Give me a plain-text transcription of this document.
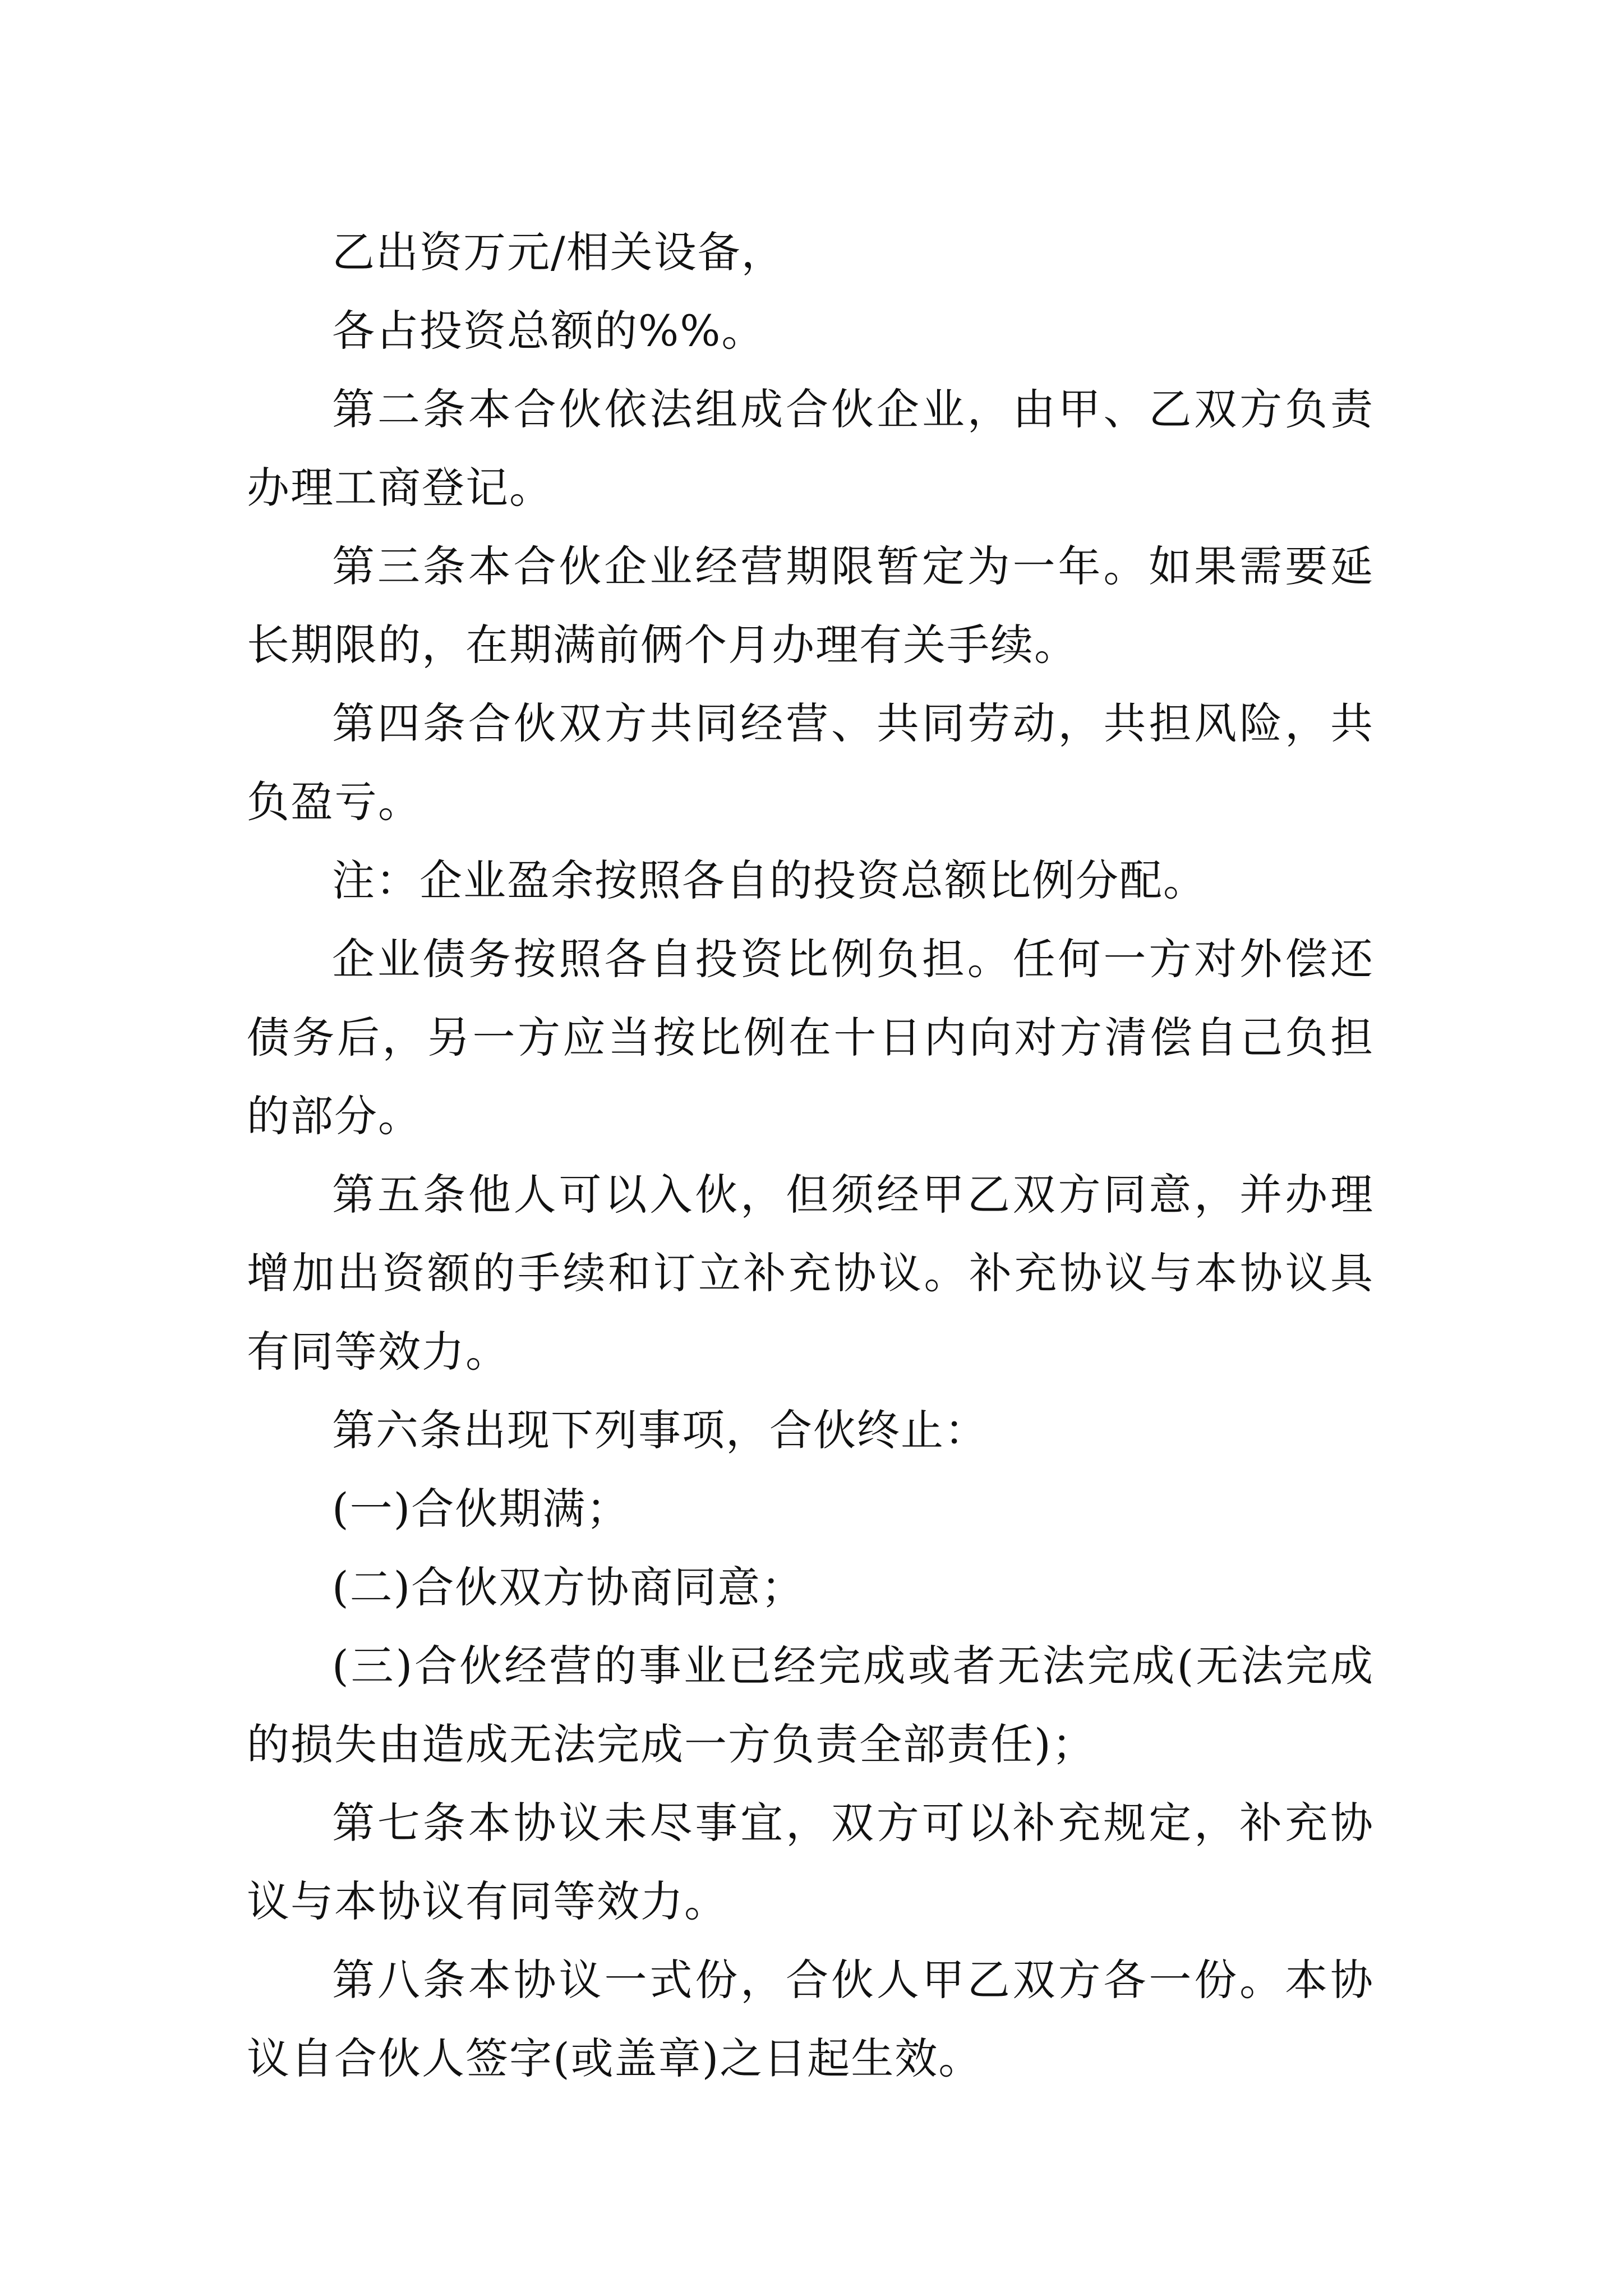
乙出资万元/相关设备，

各占投资总额的%%。

第二条本合伙依法组成合伙企业，由甲、乙双方负责办理工商登记。

第三条本合伙企业经营期限暂定为一年。如果需要延长期限的，在期满前俩个月办理有关手续。

第四条合伙双方共同经营、共同劳动，共担风险，共负盈亏。

注：企业盈余按照各自的投资总额比例分配。

企业债务按照各自投资比例负担。任何一方对外偿还债务后，另一方应当按比例在十日内向对方清偿自己负担的部分。

第五条他人可以入伙，但须经甲乙双方同意，并办理增加出资额的手续和订立补充协议。补充协议与本协议具有同等效力。

第六条出现下列事项，合伙终止：

(一)合伙期满；

(二)合伙双方协商同意；

(三)合伙经营的事业已经完成或者无法完成(无法完成的损失由造成无法完成一方负责全部责任)；

第七条本协议未尽事宜，双方可以补充规定，补充协议与本协议有同等效力。

第八条本协议一式份，合伙人甲乙双方各一份。本协议自合伙人签字(或盖章)之日起生效。
